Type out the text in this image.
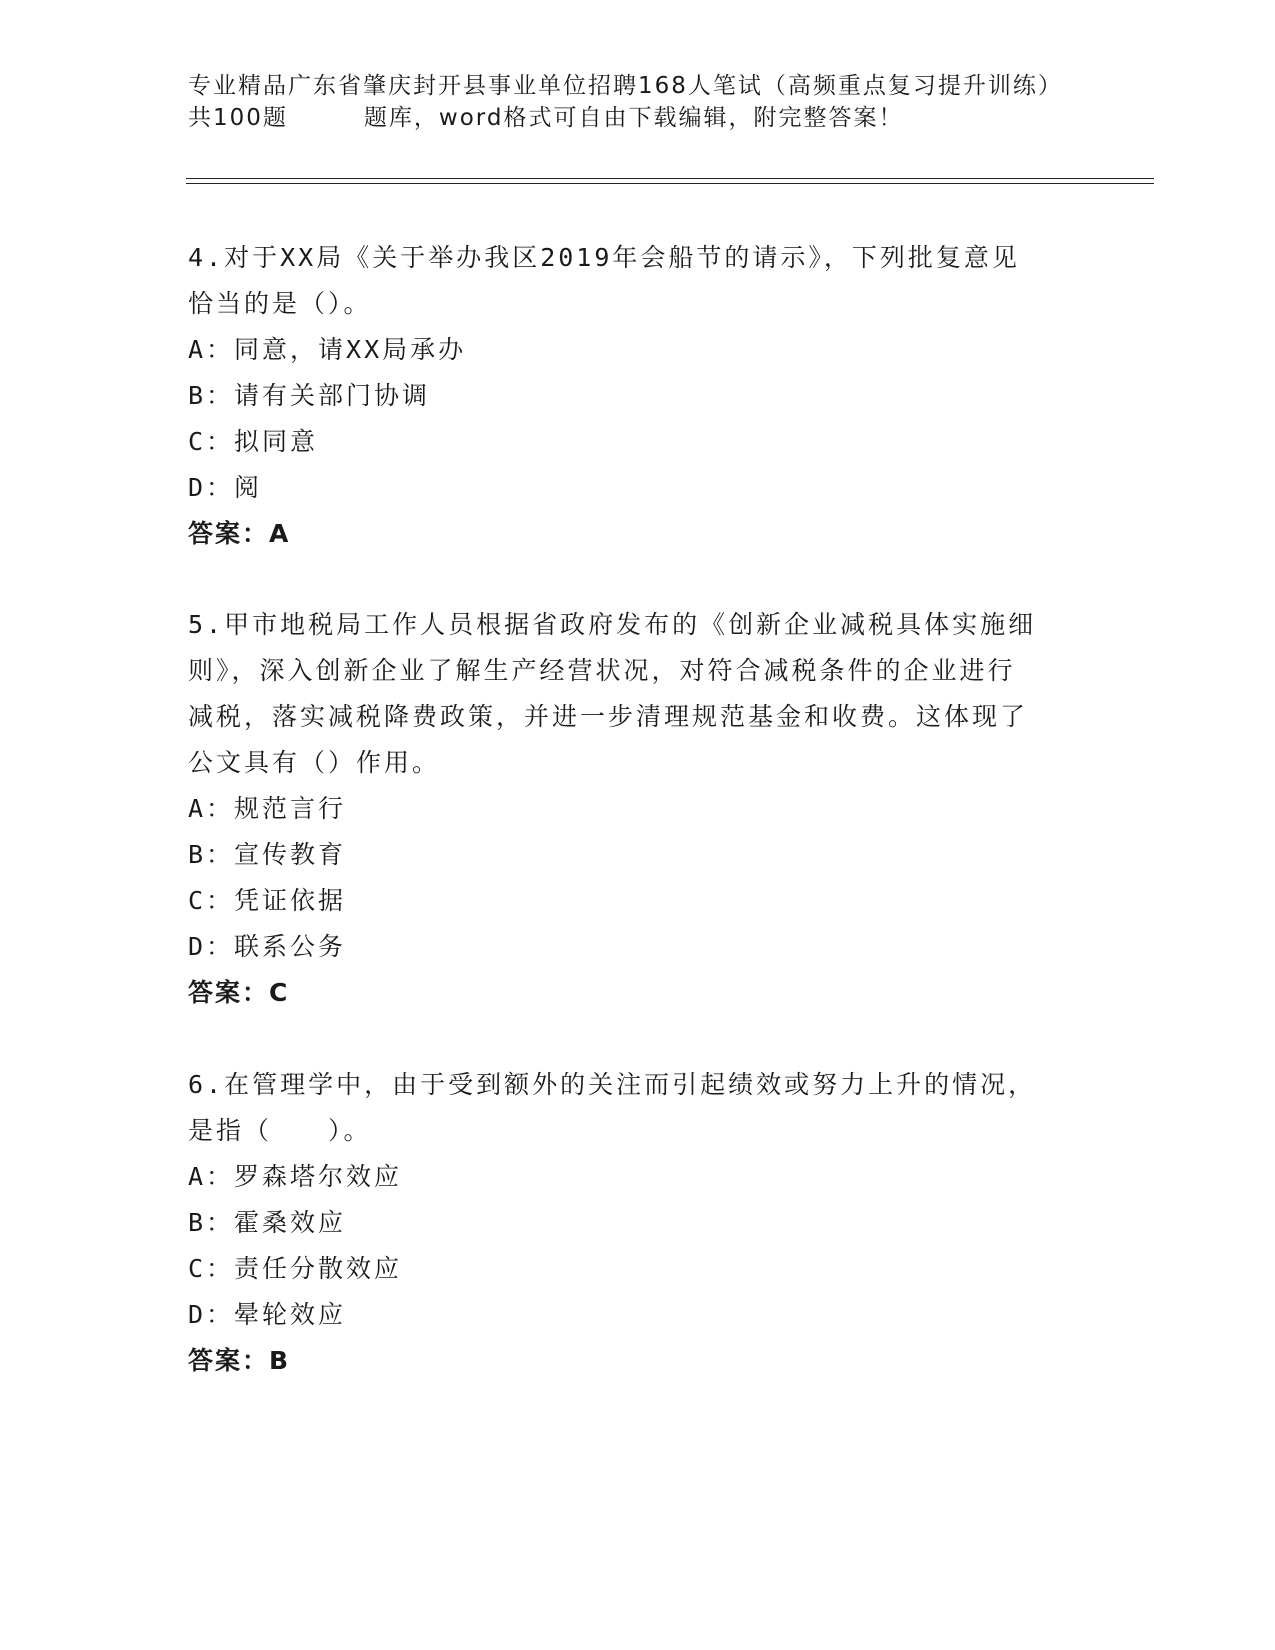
专业精品广东省肇庆封开县事业单位招聘168人笔试（高频重点复习提升训练）
共100题	题库，word格式可自由下载编辑，附完整答案！

4.对于XX局《关于举办我区2019年会船节的请示》，下列批复意见

恰当的是（）。

A：同意，请XX局承办

B：请有关部门协调

C：拟同意

D：阅

答案：A

5.甲市地税局工作人员根据省政府发布的《创新企业减税具体实施细

则》，深入创新企业了解生产经营状况，对符合减税条件的企业进行

减税，落实减税降费政策，并进一步清理规范基金和收费。这体现了

公文具有（）作用。

A：规范言行

B：宣传教育

C：凭证依据

D：联系公务

答案：C

6.在管理学中，由于受到额外的关注而引起绩效或努力上升的情况，

是指（　　）。

A：罗森塔尔效应

B：霍桑效应

C：责任分散效应

D：晕轮效应

答案：B
